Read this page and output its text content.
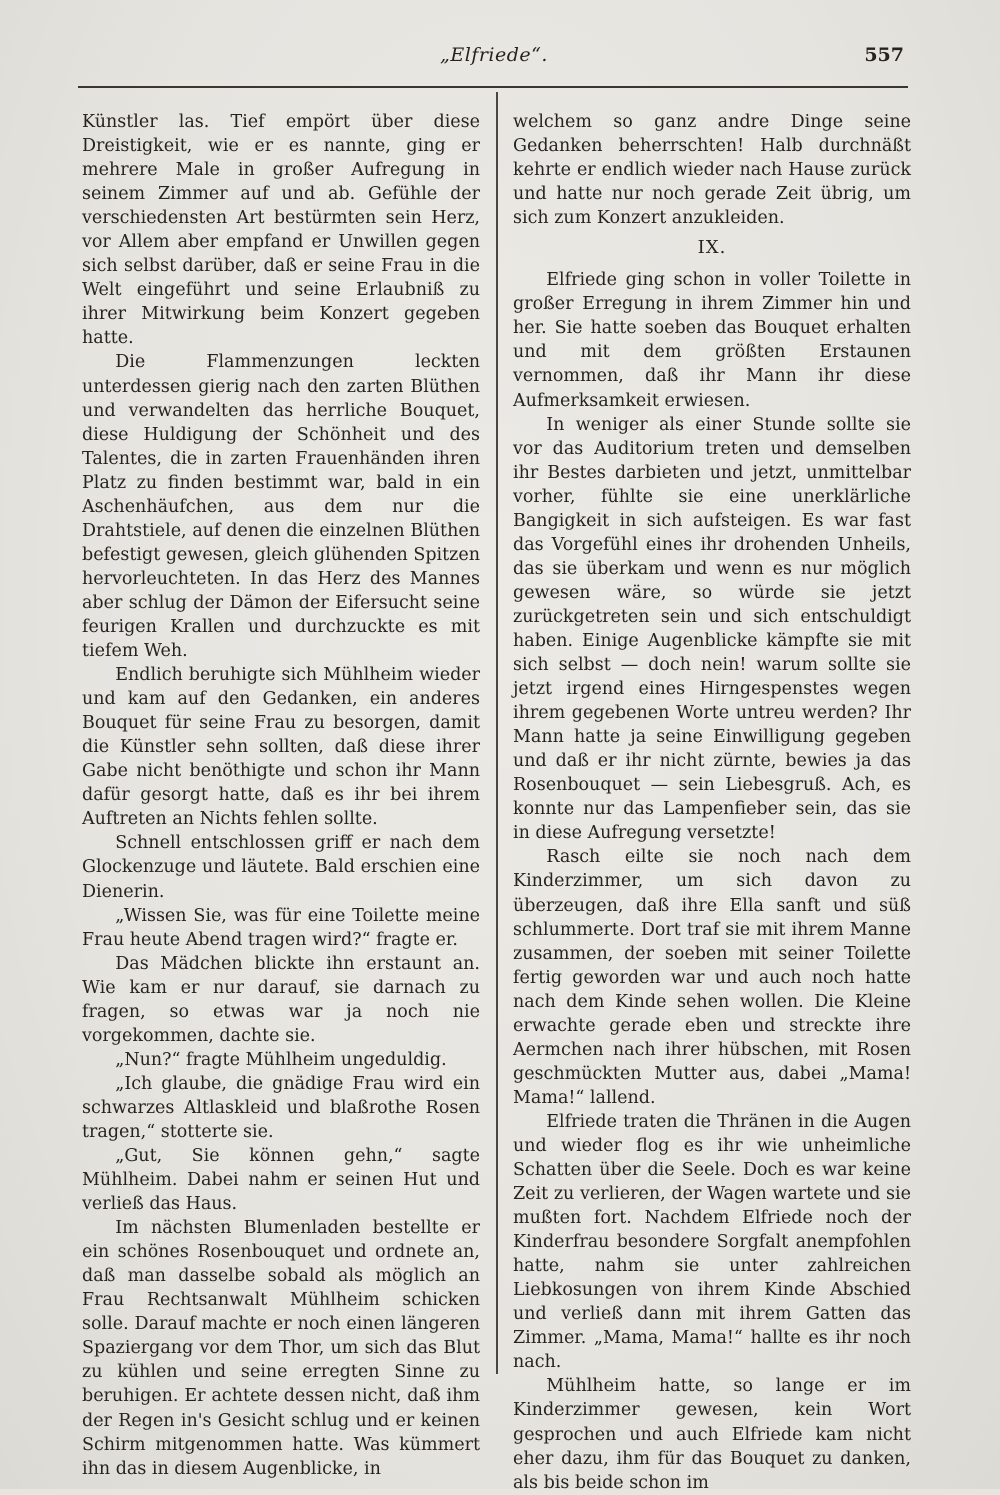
„Elfriede“.	557

Künstler las. Tief empört über diese Dreistigkeit, wie er es nannte, ging er mehrere Male in großer Aufregung in seinem Zimmer auf und ab. Gefühle der verschiedensten Art bestürmten sein Herz, vor Allem aber empfand er Unwillen gegen sich selbst darüber, daß er seine Frau in die Welt eingeführt und seine Erlaubniß zu ihrer Mitwirkung beim Konzert gegeben hatte.

Die Flammenzungen leckten unterdessen gierig nach den zarten Blüthen und verwandelten das herrliche Bouquet, diese Huldigung der Schönheit und des Talentes, die in zarten Frauenhänden ihren Platz zu finden bestimmt war, bald in ein Aschenhäufchen, aus dem nur die Drahtstiele, auf denen die einzelnen Blüthen befestigt gewesen, gleich glühenden Spitzen hervorleuchteten. In das Herz des Mannes aber schlug der Dämon der Eifersucht seine feurigen Krallen und durchzuckte es mit tiefem Weh.

Endlich beruhigte sich Mühlheim wieder und kam auf den Gedanken, ein anderes Bouquet für seine Frau zu besorgen, damit die Künstler sehn sollten, daß diese ihrer Gabe nicht benöthigte und schon ihr Mann dafür gesorgt hatte, daß es ihr bei ihrem Auftreten an Nichts fehlen sollte.

Schnell entschlossen griff er nach dem Glockenzuge und läutete. Bald erschien eine Dienerin.

„Wissen Sie, was für eine Toilette meine Frau heute Abend tragen wird?“ fragte er.

Das Mädchen blickte ihn erstaunt an. Wie kam er nur darauf, sie darnach zu fragen, so etwas war ja noch nie vorgekommen, dachte sie.

„Nun?“ fragte Mühlheim ungeduldig.

„Ich glaube, die gnädige Frau wird ein schwarzes Altlaskleid und blaßrothe Rosen tragen,“ stotterte sie.

„Gut, Sie können gehn,“ sagte Mühlheim. Dabei nahm er seinen Hut und verließ das Haus.

Im nächsten Blumenladen bestellte er ein schönes Rosenbouquet und ordnete an, daß man dasselbe sobald als möglich an Frau Rechtsanwalt Mühlheim schicken solle. Darauf machte er noch einen längeren Spaziergang vor dem Thor, um sich das Blut zu kühlen und seine erregten Sinne zu beruhigen. Er achtete dessen nicht, daß ihm der Regen in's Gesicht schlug und er keinen Schirm mitgenommen hatte. Was kümmert ihn das in diesem Augenblicke, in

welchem so ganz andre Dinge seine Gedanken beherrschten! Halb durchnäßt kehrte er endlich wieder nach Hause zurück und hatte nur noch gerade Zeit übrig, um sich zum Konzert anzukleiden.

IX.

Elfriede ging schon in voller Toilette in großer Erregung in ihrem Zimmer hin und her. Sie hatte soeben das Bouquet erhalten und mit dem größten Erstaunen vernommen, daß ihr Mann ihr diese Aufmerksamkeit erwiesen.

In weniger als einer Stunde sollte sie vor das Auditorium treten und demselben ihr Bestes darbieten und jetzt, unmittelbar vorher, fühlte sie eine unerklärliche Bangigkeit in sich aufsteigen. Es war fast das Vorgefühl eines ihr drohenden Unheils, das sie überkam und wenn es nur möglich gewesen wäre, so würde sie jetzt zurückgetreten sein und sich entschuldigt haben. Einige Augenblicke kämpfte sie mit sich selbst — doch nein! warum sollte sie jetzt irgend eines Hirngespenstes wegen ihrem gegebenen Worte untreu werden? Ihr Mann hatte ja seine Einwilligung gegeben und daß er ihr nicht zürnte, bewies ja das Rosenbouquet — sein Liebesgruß. Ach, es konnte nur das Lampenfieber sein, das sie in diese Aufregung versetzte!

Rasch eilte sie noch nach dem Kinderzimmer, um sich davon zu überzeugen, daß ihre Ella sanft und süß schlummerte. Dort traf sie mit ihrem Manne zusammen, der soeben mit seiner Toilette fertig geworden war und auch noch hatte nach dem Kinde sehen wollen. Die Kleine erwachte gerade eben und streckte ihre Aermchen nach ihrer hübschen, mit Rosen geschmückten Mutter aus, dabei „Mama! Mama!“ lallend.

Elfriede traten die Thränen in die Augen und wieder flog es ihr wie unheimliche Schatten über die Seele. Doch es war keine Zeit zu verlieren, der Wagen wartete und sie mußten fort. Nachdem Elfriede noch der Kinderfrau besondere Sorgfalt anempfohlen hatte, nahm sie unter zahlreichen Liebkosungen von ihrem Kinde Abschied und verließ dann mit ihrem Gatten das Zimmer. „Mama, Mama!“ hallte es ihr noch nach.

Mühlheim hatte, so lange er im Kinderzimmer gewesen, kein Wort gesprochen und auch Elfriede kam nicht eher dazu, ihm für das Bouquet zu danken, als bis beide schon im
